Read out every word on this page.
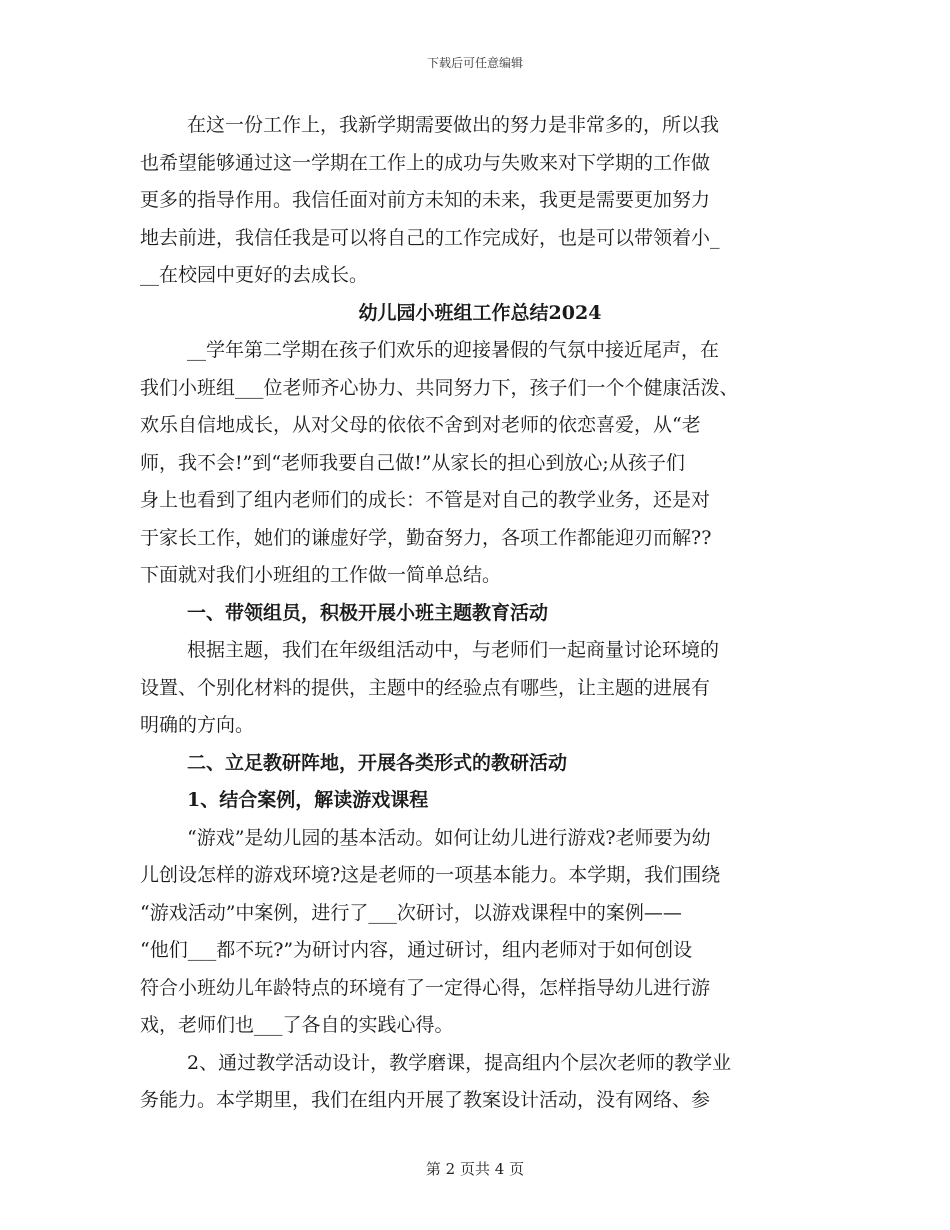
下载后可任意编辑

在这一份工作上，我新学期需要做出的努力是非常多的，所以我

也希望能够通过这一学期在工作上的成功与失败来对下学期的工作做

更多的指导作用。我信任面对前方未知的未来，我更是需要更加努力

地去前进，我信任我是可以将自己的工作完成好，也是可以带领着小_

__在校园中更好的去成长。

幼儿园小班组工作总结2024

__学年第二学期在孩子们欢乐的迎接暑假的气氛中接近尾声，在

我们小班组___位老师齐心协力、共同努力下，孩子们一个个健康活泼、

欢乐自信地成长，从对父母的依依不舍到对老师的依恋喜爱，从“老

师，我不会!”到“老师我要自己做!”从家长的担心到放心;从孩子们

身上也看到了组内老师们的成长：不管是对自己的教学业务，还是对

于家长工作，她们的谦虚好学，勤奋努力，各项工作都能迎刃而解??

下面就对我们小班组的工作做一简单总结。

一、带领组员，积极开展小班主题教育活动

根据主题，我们在年级组活动中，与老师们一起商量讨论环境的

设置、个别化材料的提供，主题中的经验点有哪些，让主题的进展有

明确的方向。

二、立足教研阵地，开展各类形式的教研活动

1、结合案例，解读游戏课程

“游戏”是幼儿园的基本活动。如何让幼儿进行游戏?老师要为幼

儿创设怎样的游戏环境?这是老师的一项基本能力。本学期，我们围绕

“游戏活动”中案例，进行了___次研讨，以游戏课程中的案例——

“他们___都不玩?”为研讨内容，通过研讨，组内老师对于如何创设

符合小班幼儿年龄特点的环境有了一定得心得，怎样指导幼儿进行游

戏，老师们也___了各自的实践心得。

2、通过教学活动设计，教学磨课，提高组内个层次老师的教学业

务能力。本学期里，我们在组内开展了教案设计活动，没有网络、参

第 2 页共 4 页
